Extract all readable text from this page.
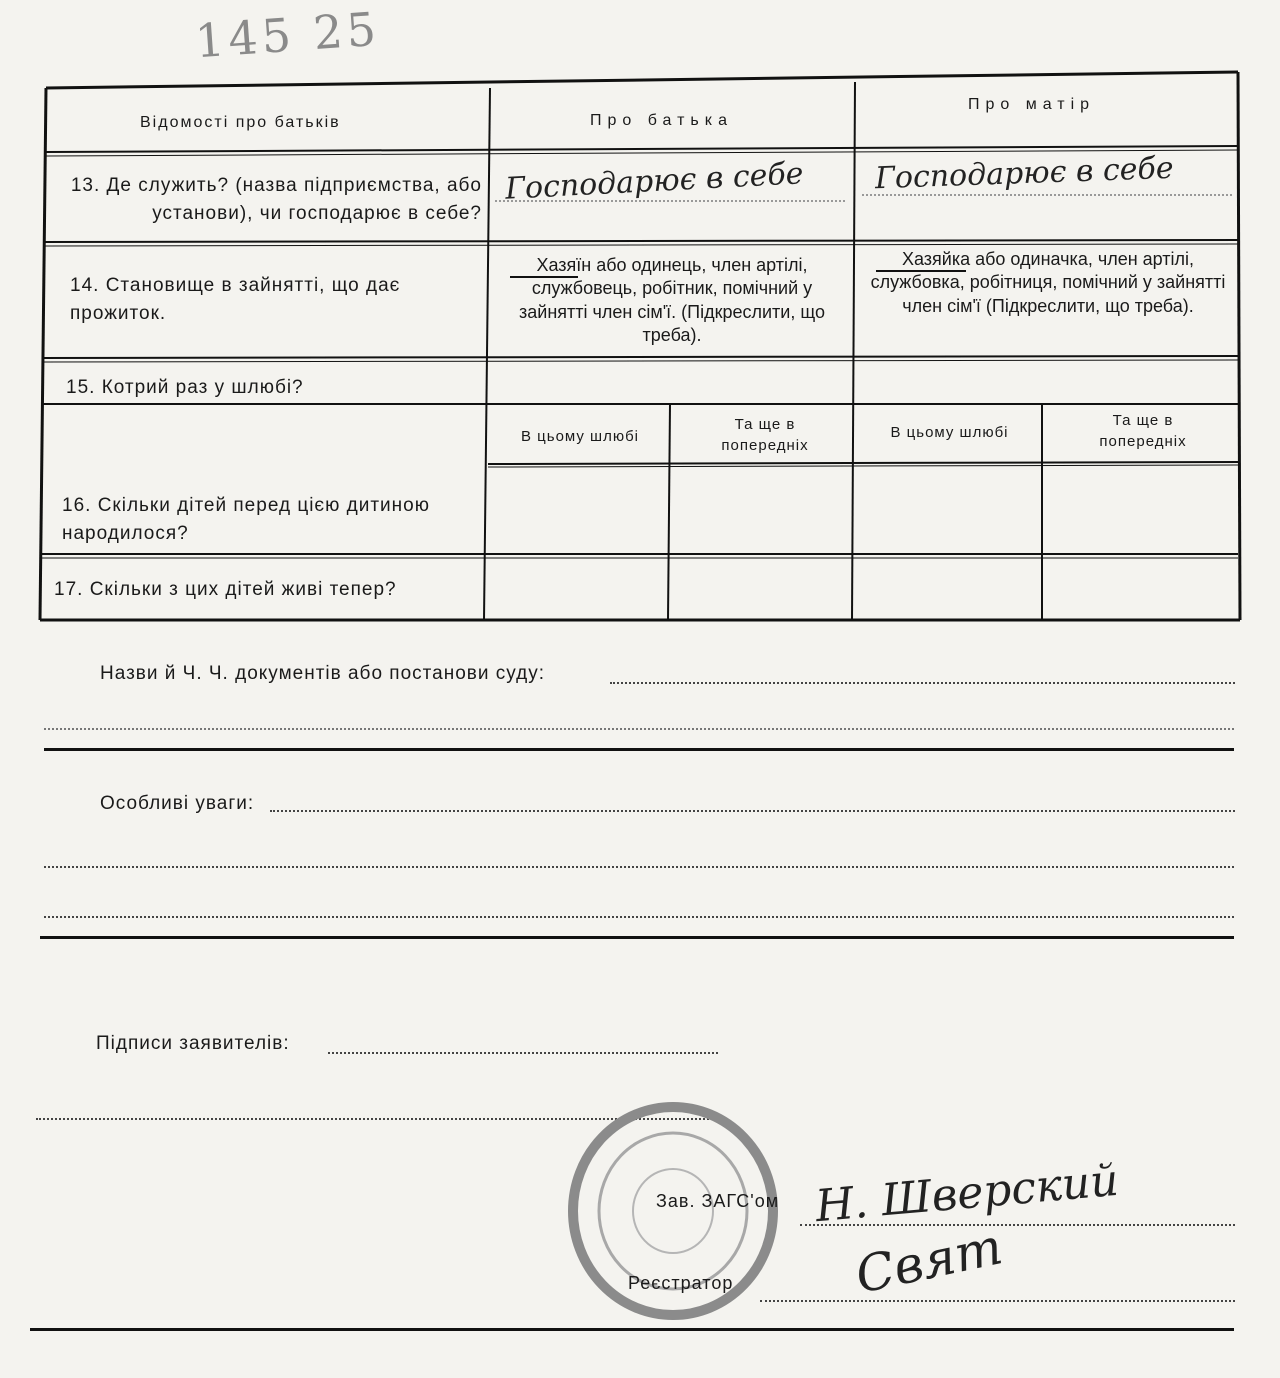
145 25
Відомості про батьків	Про батька
Про матір
13. Де служить? (назва підприємства, або установи), чи господарює в себе?
Господарює в себе Господарює в себе
14. Становище в зайнятті, що дає прожиток.
Хазяїн або одинець, член артілі, службовець, робітник, помічний у зайнятті член сім'ї. (Підкреслити, що треба).
Хазяйка або одиначка, член артілі, службовка, робітниця, помічний у зайнятті член сім'ї (Підкреслити, що треба).
15. Котрий раз у шлюбі?
В цьому шлюбі
Та ще в попередніх
В цьому шлюбі
Та ще в попередніх
16. Скільки дітей перед цією дитиною народилося?
17. Скільки з цих дітей живі тепер?
Назви й Ч. Ч. документів або постанови суду:
Особливі уваги:
Підписи заявителів:
Зав. ЗАГС'ом Н. Шверский
Реєстратор Свят
